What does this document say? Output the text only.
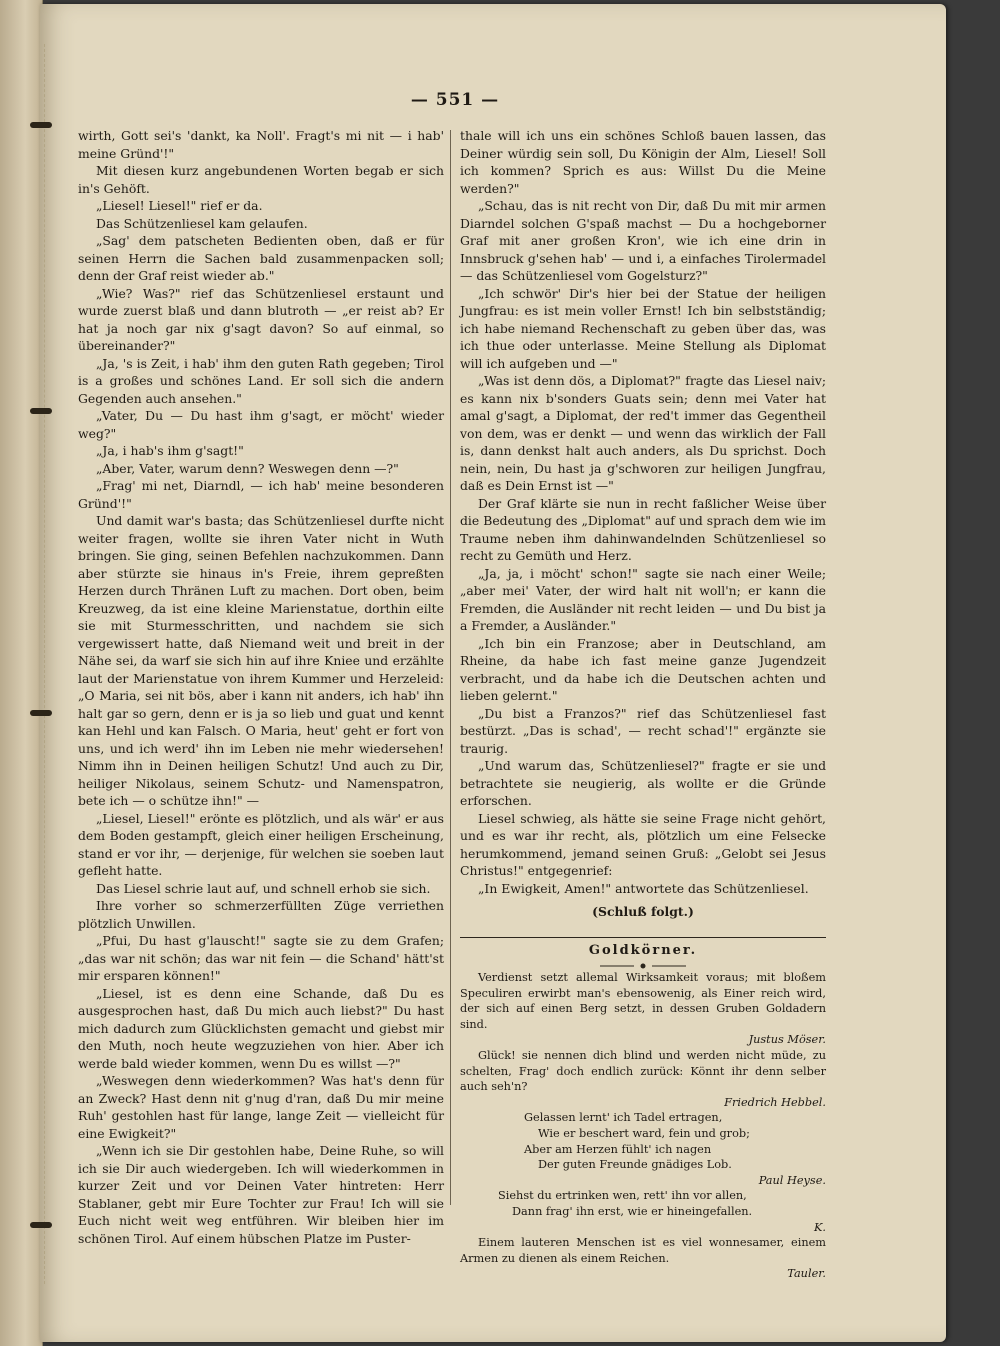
— 551 —

wirth, Gott sei's 'dankt, ka Noll'. Fragt's mi nit — i hab' meine Gründ'!"

Mit diesen kurz angebundenen Worten begab er sich in's Gehöft.

„Liesel! Liesel!" rief er da.

Das Schützenliesel kam gelaufen.

„Sag' dem patscheten Bedienten oben, daß er für seinen Herrn die Sachen bald zusammenpacken soll; denn der Graf reist wieder ab."

„Wie? Was?" rief das Schützenliesel erstaunt und wurde zuerst blaß und dann blutroth — „er reist ab? Er hat ja noch gar nix g'sagt davon? So auf einmal, so übereinander?"

„Ja, 's is Zeit, i hab' ihm den guten Rath gegeben; Tirol is a großes und schönes Land. Er soll sich die andern Gegenden auch ansehen."

„Vater, Du — Du hast ihm g'sagt, er möcht' wieder weg?"

„Ja, i hab's ihm g'sagt!"

„Aber, Vater, warum denn? Weswegen denn —?"

„Frag' mi net, Diarndl, — ich hab' meine besonderen Gründ'!"

Und damit war's basta; das Schützenliesel durfte nicht weiter fragen, wollte sie ihren Vater nicht in Wuth bringen. Sie ging, seinen Befehlen nachzukommen. Dann aber stürzte sie hinaus in's Freie, ihrem gepreßten Herzen durch Thränen Luft zu machen. Dort oben, beim Kreuzweg, da ist eine kleine Marienstatue, dorthin eilte sie mit Sturmesschritten, und nachdem sie sich vergewissert hatte, daß Niemand weit und breit in der Nähe sei, da warf sie sich hin auf ihre Kniee und erzählte laut der Marienstatue von ihrem Kummer und Herzeleid: „O Maria, sei nit bös, aber i kann nit anders, ich hab' ihn halt gar so gern, denn er is ja so lieb und guat und kennt kan Hehl und kan Falsch. O Maria, heut' geht er fort von uns, und ich werd' ihn im Leben nie mehr wiedersehen! Nimm ihn in Deinen heiligen Schutz! Und auch zu Dir, heiliger Nikolaus, seinem Schutz- und Namenspatron, bete ich — o schütze ihn!" —

„Liesel, Liesel!" erönte es plötzlich, und als wär' er aus dem Boden gestampft, gleich einer heiligen Erscheinung, stand er vor ihr, — derjenige, für welchen sie soeben laut gefleht hatte.

Das Liesel schrie laut auf, und schnell erhob sie sich.

Ihre vorher so schmerzerfüllten Züge verriethen plötzlich Unwillen.

„Pfui, Du hast g'lauscht!" sagte sie zu dem Grafen; „das war nit schön; das war nit fein — die Schand' hätt'st mir ersparen können!"

„Liesel, ist es denn eine Schande, daß Du es ausgesprochen hast, daß Du mich auch liebst?" Du hast mich dadurch zum Glücklichsten gemacht und giebst mir den Muth, noch heute wegzuziehen von hier. Aber ich werde bald wieder kommen, wenn Du es willst —?"

„Weswegen denn wiederkommen? Was hat's denn für an Zweck? Hast denn nit g'nug d'ran, daß Du mir meine Ruh' gestohlen hast für lange, lange Zeit — vielleicht für eine Ewigkeit?"

„Wenn ich sie Dir gestohlen habe, Deine Ruhe, so will ich sie Dir auch wiedergeben. Ich will wiederkommen in kurzer Zeit und vor Deinen Vater hintreten: Herr Stablaner, gebt mir Eure Tochter zur Frau! Ich will sie Euch nicht weit weg entführen. Wir bleiben hier im schönen Tirol. Auf einem hübschen Platze im Puster-

thale will ich uns ein schönes Schloß bauen lassen, das Deiner würdig sein soll, Du Königin der Alm, Liesel! Soll ich kommen? Sprich es aus: Willst Du die Meine werden?"

„Schau, das is nit recht von Dir, daß Du mit mir armen Diarndel solchen G'spaß machst — Du a hochgeborner Graf mit aner großen Kron', wie ich eine drin in Innsbruck g'sehen hab' — und i, a einfaches Tirolermadel — das Schützenliesel vom Gogelsturz?"

„Ich schwör' Dir's hier bei der Statue der heiligen Jungfrau: es ist mein voller Ernst! Ich bin selbstständig; ich habe niemand Rechenschaft zu geben über das, was ich thue oder unterlasse. Meine Stellung als Diplomat will ich aufgeben und —"

„Was ist denn dös, a Diplomat?" fragte das Liesel naiv; es kann nix b'sonders Guats sein; denn mei Vater hat amal g'sagt, a Diplomat, der red't immer das Gegentheil von dem, was er denkt — und wenn das wirklich der Fall is, dann denkst halt auch anders, als Du sprichst. Doch nein, nein, Du hast ja g'schworen zur heiligen Jungfrau, daß es Dein Ernst ist —"

Der Graf klärte sie nun in recht faßlicher Weise über die Bedeutung des „Diplomat" auf und sprach dem wie im Traume neben ihm dahinwandelnden Schützenliesel so recht zu Gemüth und Herz.

„Ja, ja, i möcht' schon!" sagte sie nach einer Weile; „aber mei' Vater, der wird halt nit woll'n; er kann die Fremden, die Ausländer nit recht leiden — und Du bist ja a Fremder, a Ausländer."

„Ich bin ein Franzose; aber in Deutschland, am Rheine, da habe ich fast meine ganze Jugendzeit verbracht, und da habe ich die Deutschen achten und lieben gelernt."

„Du bist a Franzos?" rief das Schützenliesel fast bestürzt. „Das is schad', — recht schad'!" ergänzte sie traurig.

„Und warum das, Schützenliesel?" fragte er sie und betrachtete sie neugierig, als wollte er die Gründe erforschen.

Liesel schwieg, als hätte sie seine Frage nicht gehört, und es war ihr recht, als, plötzlich um eine Felsecke herumkommend, jemand seinen Gruß: „Gelobt sei Jesus Christus!" entgegenrief:

„In Ewigkeit, Amen!" antwortete das Schützenliesel.

(Schluß folgt.)

Goldkörner.

Verdienst setzt allemal Wirksamkeit voraus; mit bloßem Speculiren erwirbt man's ebensowenig, als Einer reich wird, der sich auf einen Berg setzt, in dessen Gruben Goldadern sind.

Justus Möser.

Glück! sie nennen dich blind und werden nicht müde, zu schelten, Frag' doch endlich zurück: Könnt ihr denn selber auch seh'n?

Friedrich Hebbel.

Gelassen lernt' ich Tadel ertragen,

Wie er beschert ward, fein und grob;

Aber am Herzen fühlt' ich nagen

Der guten Freunde gnädiges Lob.

Paul Heyse.

Siehst du ertrinken wen, rett' ihn vor allen,

Dann frag' ihn erst, wie er hineingefallen.

K.

Einem lauteren Menschen ist es viel wonnesamer, einem Armen zu dienen als einem Reichen.

Tauler.
